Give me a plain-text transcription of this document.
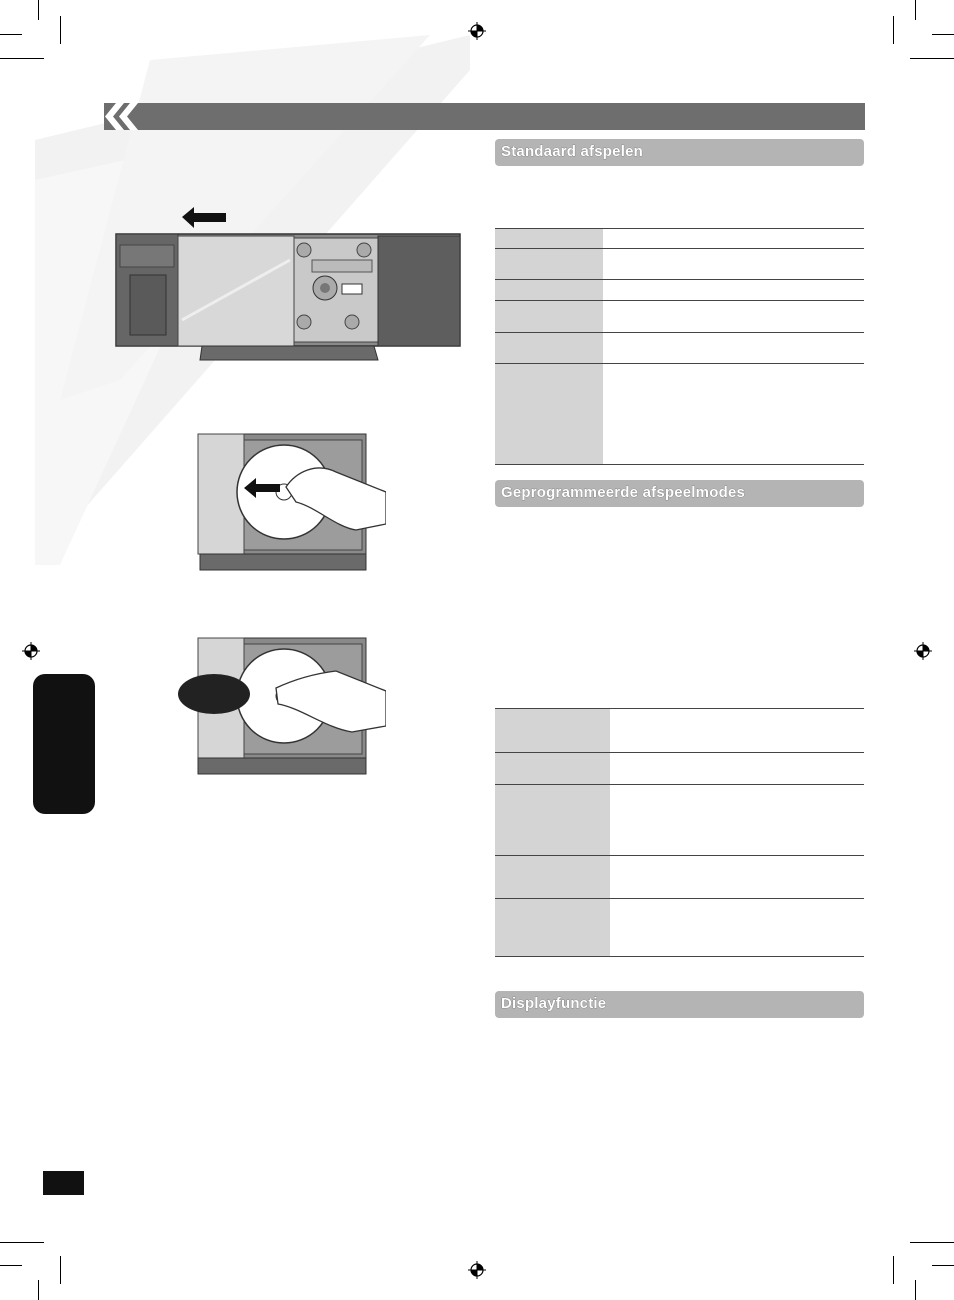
Standaard afspelen
Geprogrammeerde afspeelmodes
Displayfunctie
